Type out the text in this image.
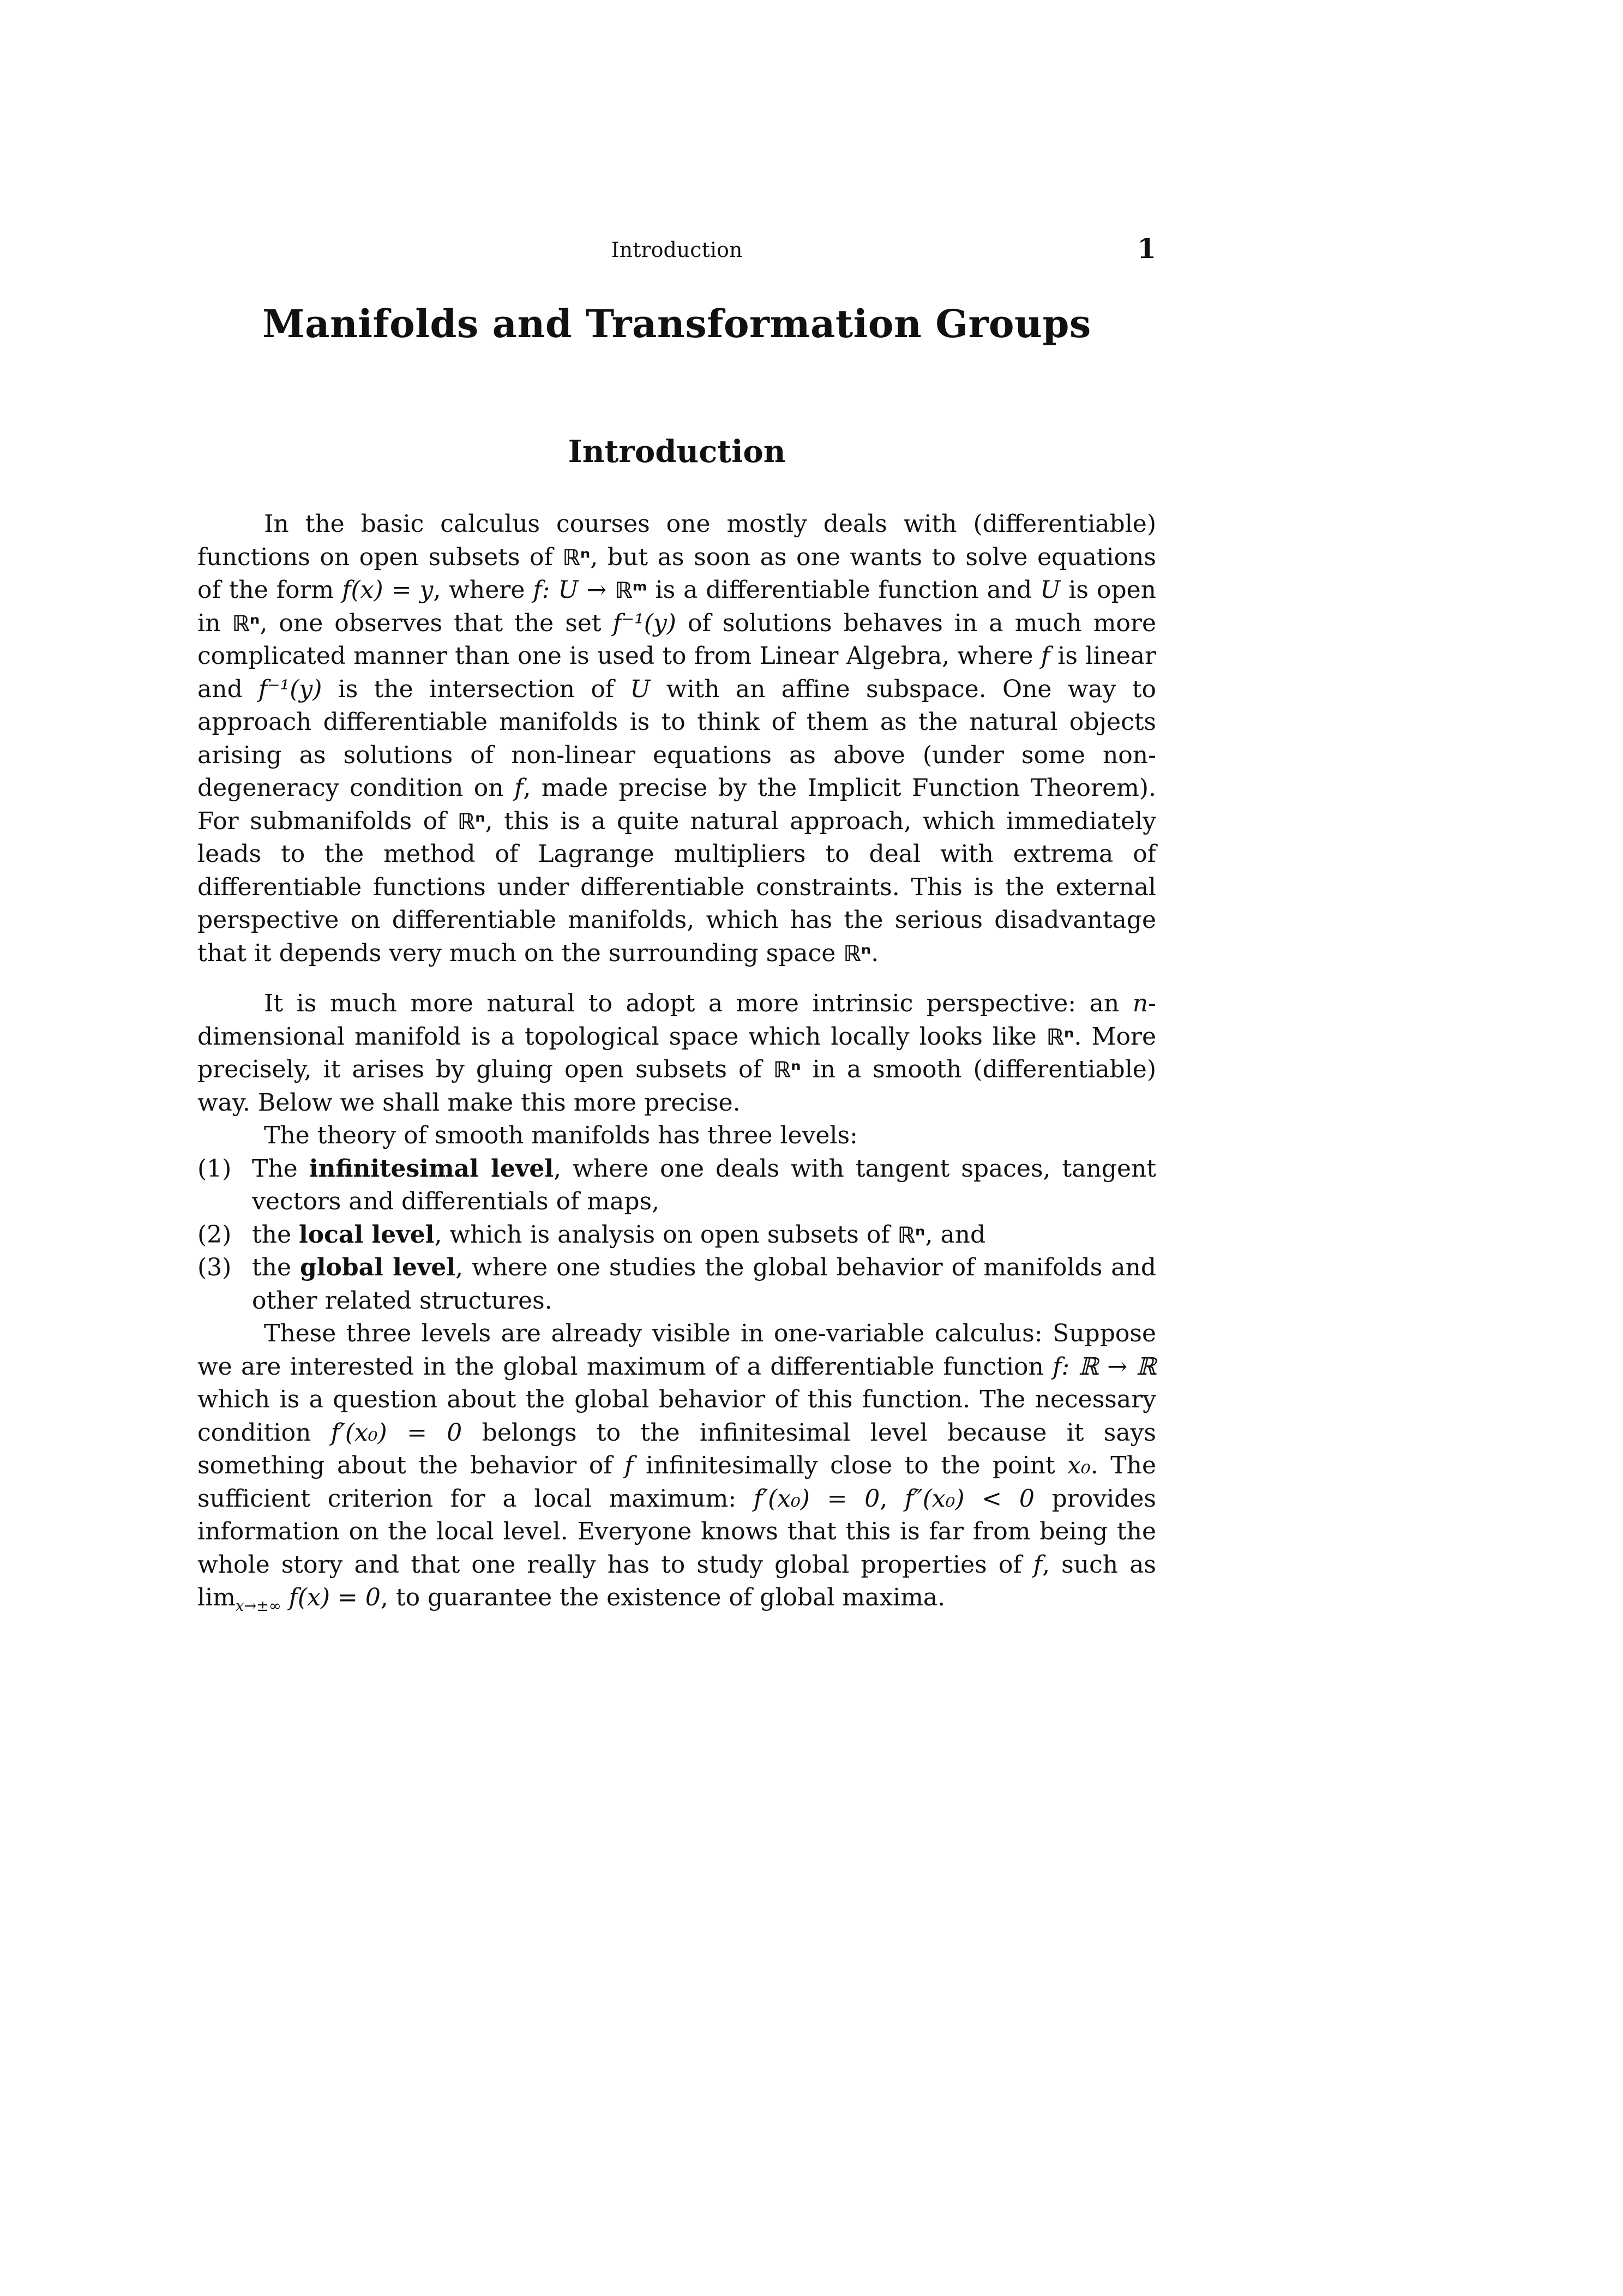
Introduction	1
Manifolds and Transformation Groups
Introduction

In the basic calculus courses one mostly deals with (differentiable) functions on open subsets of ℝⁿ, but as soon as one wants to solve equations of the form f(x) = y, where f: U → ℝᵐ is a differentiable function and U is open in ℝⁿ, one observes that the set f⁻¹(y) of solutions behaves in a much more complicated manner than one is used to from Linear Algebra, where f is linear and f⁻¹(y) is the intersection of U with an affine subspace. One way to approach differentiable manifolds is to think of them as the natural objects arising as solutions of non-linear equations as above (under some non-degeneracy condition on f, made precise by the Implicit Function Theorem). For submanifolds of ℝⁿ, this is a quite natural approach, which immediately leads to the method of Lagrange multipliers to deal with extrema of differentiable functions under differentiable constraints. This is the external perspective on differentiable manifolds, which has the serious disadvantage that it depends very much on the surrounding space ℝⁿ.

It is much more natural to adopt a more intrinsic perspective: an n-dimensional manifold is a topological space which locally looks like ℝⁿ. More precisely, it arises by gluing open subsets of ℝⁿ in a smooth (differentiable) way. Below we shall make this more precise.

The theory of smooth manifolds has three levels:

(1) The infinitesimal level, where one deals with tangent spaces, tangent vectors and differentials of maps,
(2) the local level, which is analysis on open subsets of ℝⁿ, and
(3) the global level, where one studies the global behavior of manifolds and other related structures.

These three levels are already visible in one-variable calculus: Suppose we are interested in the global maximum of a differentiable function f: ℝ → ℝ which is a question about the global behavior of this function. The necessary condition f′(x₀) = 0 belongs to the infinitesimal level because it says something about the behavior of f infinitesimally close to the point x₀. The sufficient criterion for a local maximum: f′(x₀) = 0, f″(x₀) < 0 provides information on the local level. Everyone knows that this is far from being the whole story and that one really has to study global properties of f, such as $\lim_{x\to\pm\infty} f(x) = 0$, to guarantee the existence of global maxima.
